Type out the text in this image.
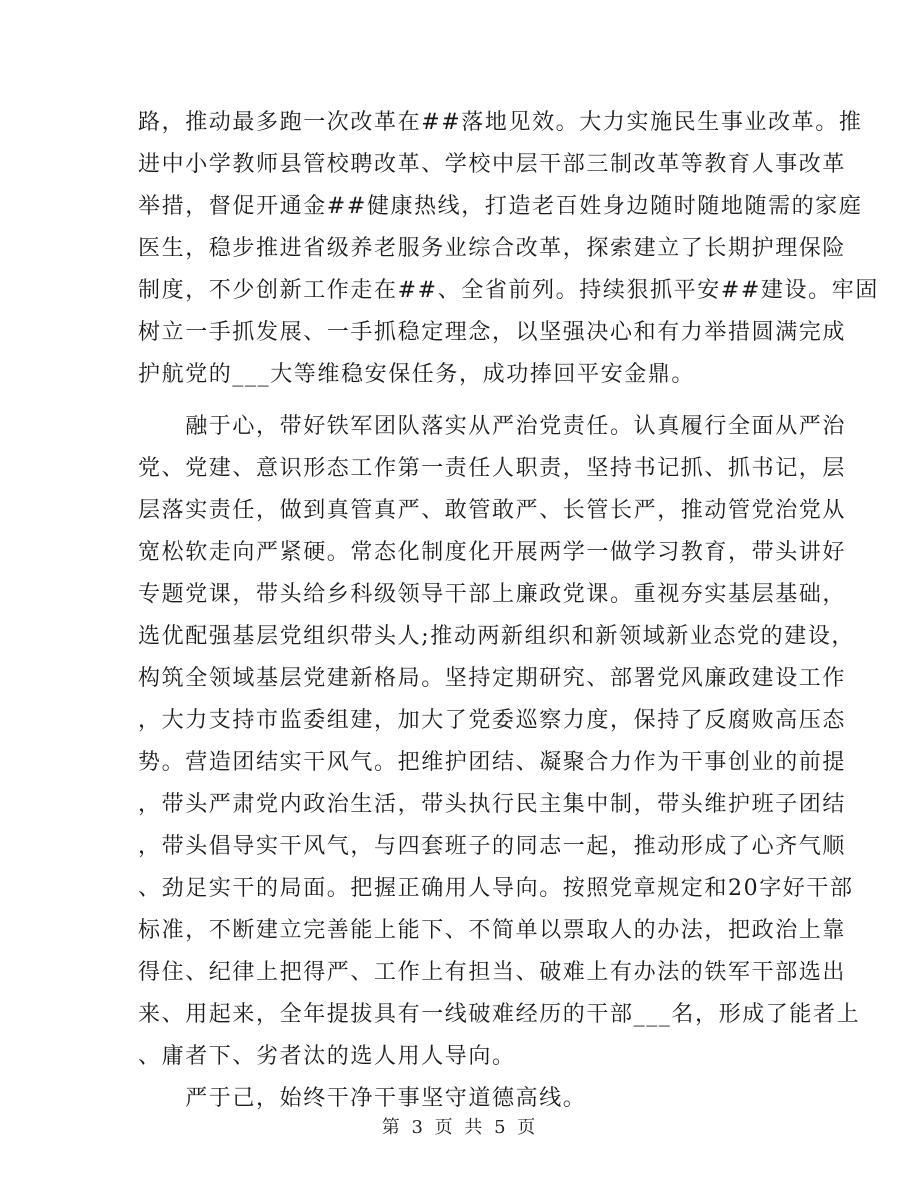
路，推动最多跑一次改革在##落地见效。大力实施民生事业改革。推
进中小学教师县管校聘改革、学校中层干部三制改革等教育人事改革
举措，督促开通金##健康热线，打造老百姓身边随时随地随需的家庭
医生，稳步推进省级养老服务业综合改革，探索建立了长期护理保险
制度，不少创新工作走在##、全省前列。持续狠抓平安##建设。牢固
树立一手抓发展、一手抓稳定理念，以坚强决心和有力举措圆满完成
护航党的___大等维稳安保任务，成功捧回平安金鼎。
　　融于心，带好铁军团队落实从严治党责任。认真履行全面从严治
党、党建、意识形态工作第一责任人职责，坚持书记抓、抓书记，层
层落实责任，做到真管真严、敢管敢严、长管长严，推动管党治党从
宽松软走向严紧硬。常态化制度化开展两学一做学习教育，带头讲好
专题党课，带头给乡科级领导干部上廉政党课。重视夯实基层基础，
选优配强基层党组织带头人;推动两新组织和新领域新业态党的建设，
构筑全领域基层党建新格局。坚持定期研究、部署党风廉政建设工作
，大力支持市监委组建，加大了党委巡察力度，保持了反腐败高压态
势。营造团结实干风气。把维护团结、凝聚合力作为干事创业的前提
，带头严肃党内政治生活，带头执行民主集中制，带头维护班子团结
，带头倡导实干风气，与四套班子的同志一起，推动形成了心齐气顺
、劲足实干的局面。把握正确用人导向。按照党章规定和20字好干部
标准，不断建立完善能上能下、不简单以票取人的办法，把政治上靠
得住、纪律上把得严、工作上有担当、破难上有办法的铁军干部选出
来、用起来，全年提拔具有一线破难经历的干部___名，形成了能者上
、庸者下、劣者汰的选人用人导向。
　　严于己，始终干净干事坚守道德高线。
第 3 页 共 5 页
